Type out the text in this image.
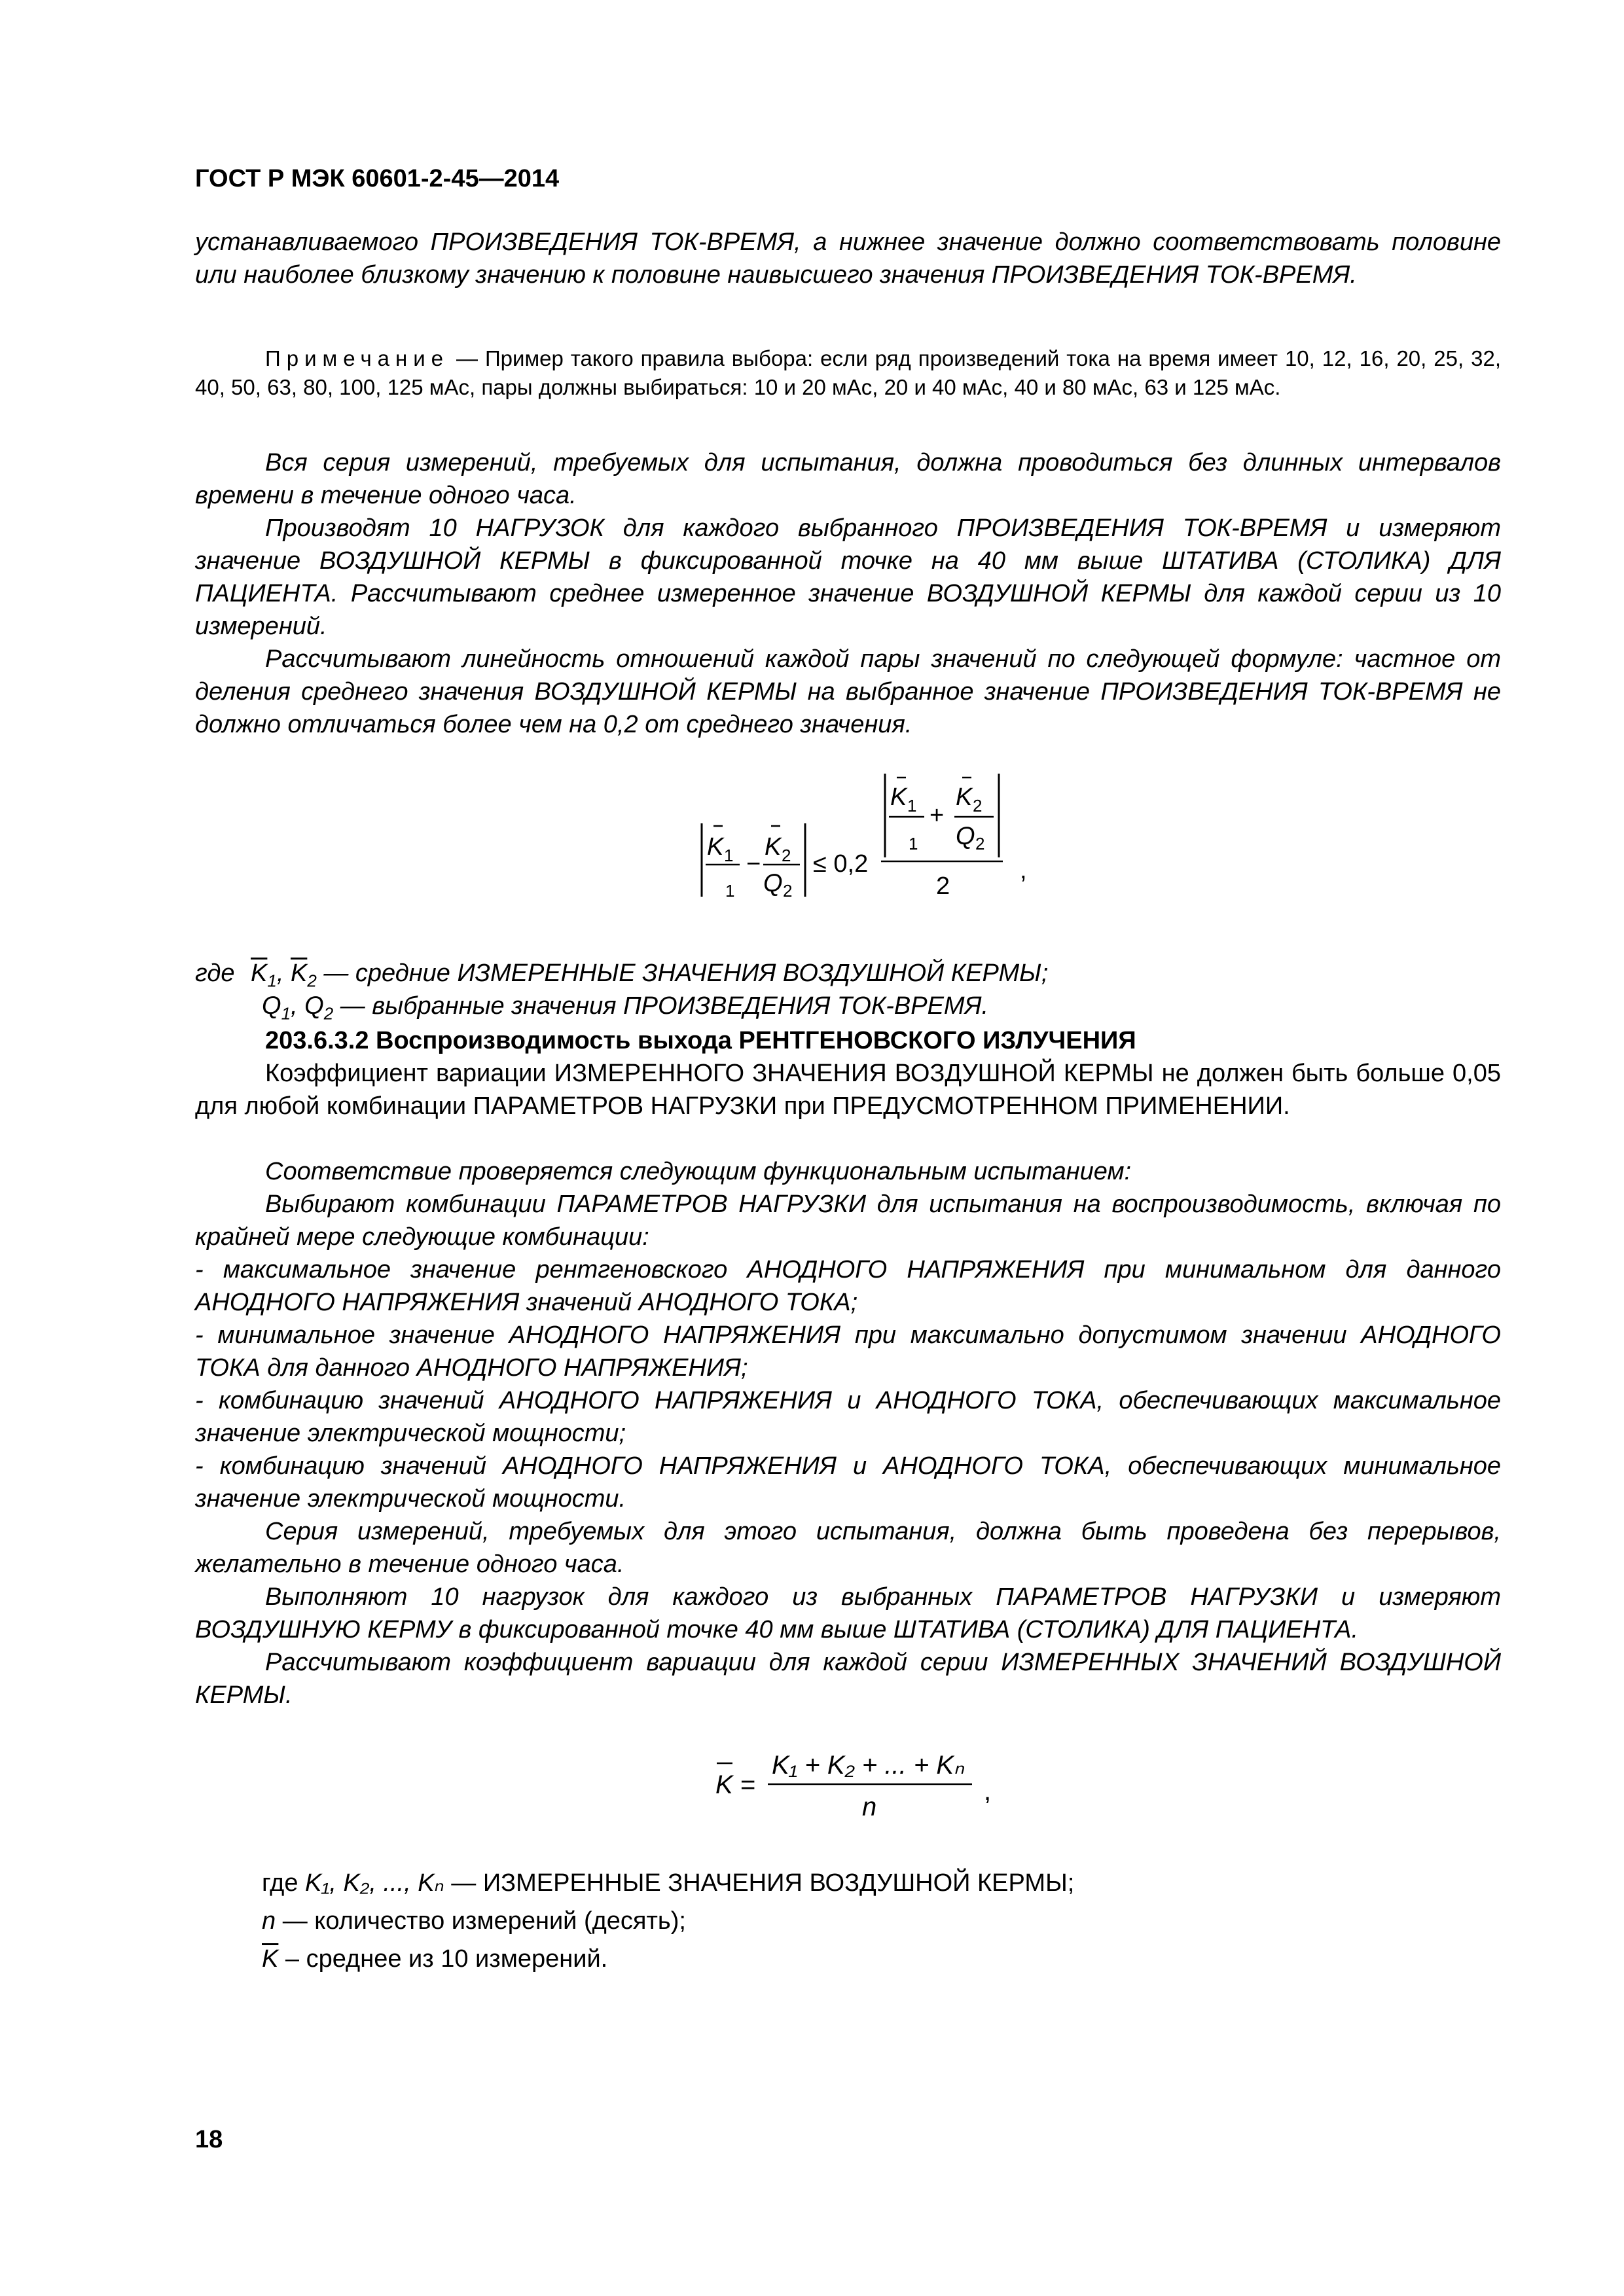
ГОСТ Р МЭК 60601-2-45—2014
устанавливаемого ПРОИЗВЕДЕНИЯ ТОК-ВРЕМЯ, а нижнее значение должно соответствовать половине или наиболее близкому значению к половине наивысшего значения ПРОИЗВЕДЕНИЯ ТОК-ВРЕМЯ.
Примечание — Пример такого правила выбора: если ряд произведений тока на время имеет 10, 12, 16, 20, 25, 32, 40, 50, 63, 80, 100, 125 мАс, пары должны выбираться: 10 и 20 мАс, 20 и 40 мАс, 40 и 80 мАс, 63 и 125 мАс.
Вся серия измерений, требуемых для испытания, должна проводиться без длинных интервалов времени в течение одного часа.
Производят 10 НАГРУЗОК для каждого выбранного ПРОИЗВЕДЕНИЯ ТОК-ВРЕМЯ и измеряют значение ВОЗДУШНОЙ КЕРМЫ в фиксированной точке на 40 мм выше ШТАТИВА (СТОЛИКА) ДЛЯ ПАЦИЕНТА. Рассчитывают среднее измеренное значение ВОЗДУШНОЙ КЕРМЫ для каждой серии из 10 измерений.
Рассчитывают линейность отношений каждой пары значений по следующей формуле: частное от деления среднего значения ВОЗДУШНОЙ КЕРМЫ на выбранное значение ПРОИЗВЕДЕНИЯ ТОК-ВРЕМЯ не должно отличаться более чем на 0,2 от среднего значения.
K 1
1
−
K 2
Q 2
≤ 0,2
K 1
1
+
K 2
Q 2
2
,
где $\overline{K}_1$, $\overline{K}_2$ — средние ИЗМЕРЕННЫЕ ЗНАЧЕНИЯ ВОЗДУШНОЙ КЕРМЫ;
$Q_1$, $Q_2$ — выбранные значения ПРОИЗВЕДЕНИЯ ТОК-ВРЕМЯ.
203.6.3.2 Воспроизводимость выхода РЕНТГЕНОВСКОГО ИЗЛУЧЕНИЯ
Коэффициент вариации ИЗМЕРЕННОГО ЗНАЧЕНИЯ ВОЗДУШНОЙ КЕРМЫ не должен быть больше 0,05 для любой комбинации ПАРАМЕТРОВ НАГРУЗКИ при ПРЕДУСМОТРЕННОМ ПРИМЕНЕНИИ.
Соответствие проверяется следующим функциональным испытанием:
Выбирают комбинации ПАРАМЕТРОВ НАГРУЗКИ для испытания на воспроизводимость, включая по крайней мере следующие комбинации:
- максимальное значение рентгеновского АНОДНОГО НАПРЯЖЕНИЯ при минимальном для данного АНОДНОГО НАПРЯЖЕНИЯ значений АНОДНОГО ТОКА;
- минимальное значение АНОДНОГО НАПРЯЖЕНИЯ при максимально допустимом значении АНОДНОГО ТОКА для данного АНОДНОГО НАПРЯЖЕНИЯ;
- комбинацию значений АНОДНОГО НАПРЯЖЕНИЯ и АНОДНОГО ТОКА, обеспечивающих максимальное значение электрической мощности;
- комбинацию значений АНОДНОГО НАПРЯЖЕНИЯ и АНОДНОГО ТОКА, обеспечивающих минимальное значение электрической мощности.
Серия измерений, требуемых для этого испытания, должна быть проведена без перерывов, желательно в течение одного часа.
Выполняют 10 нагрузок для каждого из выбранных ПАРАМЕТРОВ НАГРУЗКИ и измеряют ВОЗДУШНУЮ КЕРМУ в фиксированной точке 40 мм выше ШТАТИВА (СТОЛИКА) ДЛЯ ПАЦИЕНТА.
Рассчитывают коэффициент вариации для каждой серии ИЗМЕРЕННЫХ ЗНАЧЕНИЙ ВОЗДУШНОЙ КЕРМЫ.
K =
K₁ + K₂ + ... + Kₙ
n
,
где K₁, K₂, ..., Kₙ — ИЗМЕРЕННЫЕ ЗНАЧЕНИЯ ВОЗДУШНОЙ КЕРМЫ;
n — количество измерений (десять);
$\overline{K}$ – среднее из 10 измерений.
18
